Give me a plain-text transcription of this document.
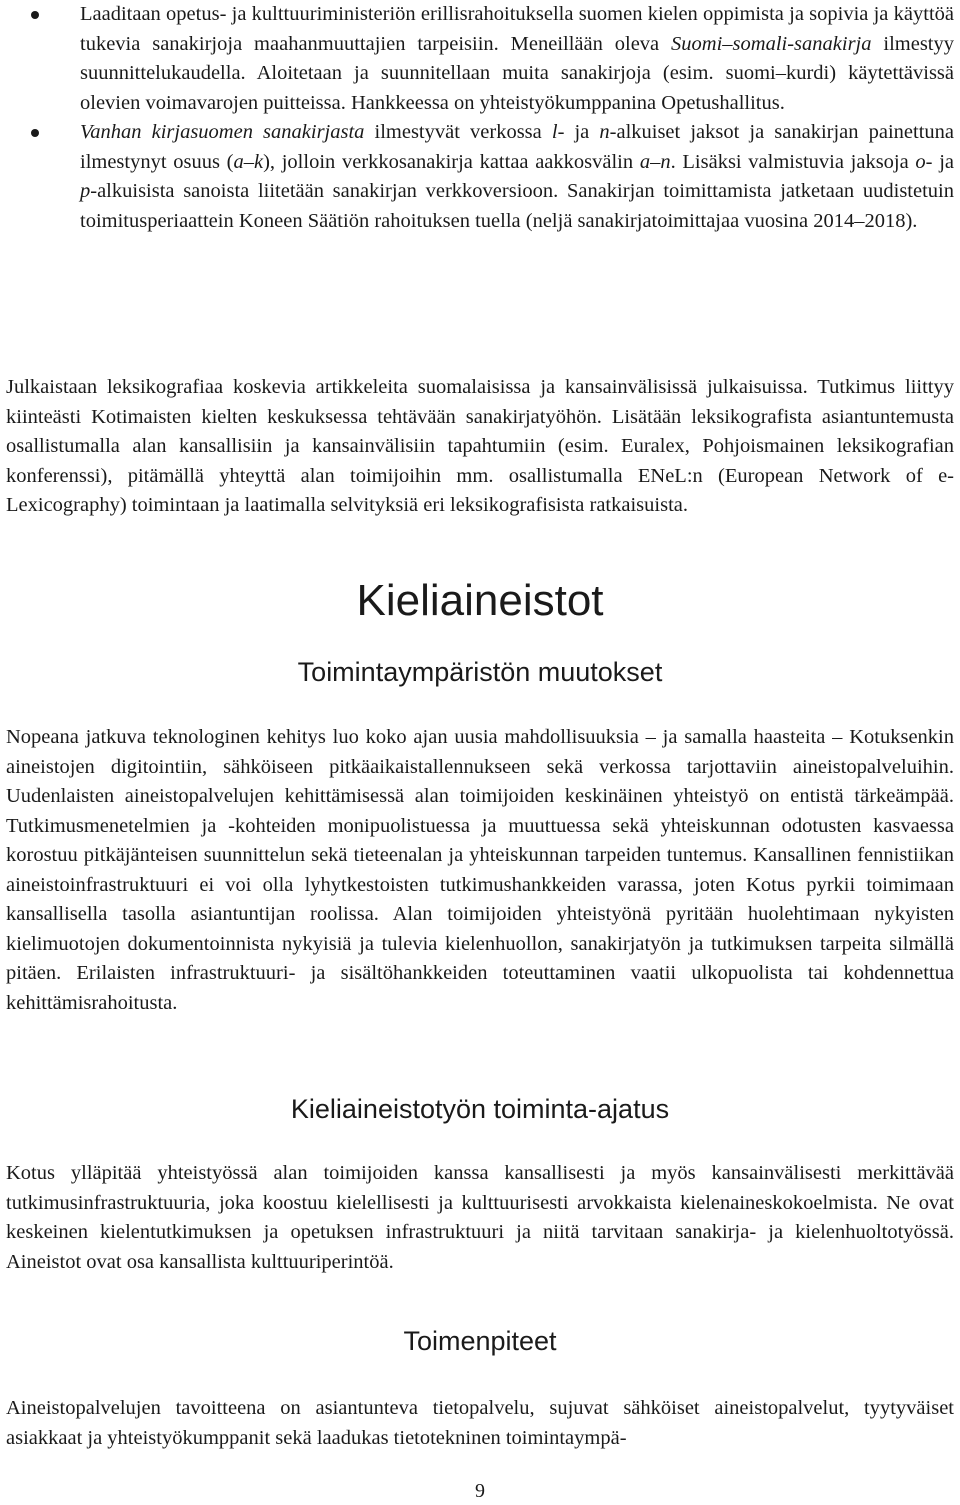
Laaditaan opetus- ja kulttuuriministeriön erillisrahoituksella suomen kielen oppimista ja sopivia ja käyttöä tukevia sanakirjoja maahanmuuttajien tarpeisiin. Meneillään oleva Suomi–somali-sanakirja ilmestyy suunnittelukaudella. Aloitetaan ja suunnitellaan muita sanakirjoja (esim. suomi–kurdi) käytettävissä olevien voimavarojen puitteissa. Hankkeessa on yhteistyökumppanina Opetushallitus.
Vanhan kirjasuomen sanakirjasta ilmestyvät verkossa l- ja n-alkuiset jaksot ja sanakirjan painettuna ilmestynyt osuus (a–k), jolloin verkkosanakirja kattaa aakkosvälin a–n. Lisäksi valmistuvia jaksoja o- ja p-alkuisista sanoista liitetään sanakirjan verkkoversioon. Sanakirjan toimittamista jatketaan uudistetuin toimitusperiaattein Koneen Säätiön rahoituksen tuella (neljä sanakirjatoimittajaa vuosina 2014–2018).

Julkaistaan leksikografiaa koskevia artikkeleita suomalaisissa ja kansainvälisissä julkaisuissa. Tutkimus liittyy kiinteästi Kotimaisten kielten keskuksessa tehtävään sanakirjatyöhön. Lisätään leksikografista asiantuntemusta osallistumalla alan kansallisiin ja kansainvälisiin tapahtumiin (esim. Euralex, Pohjoismainen leksikografian konferenssi), pitämällä yhteyttä alan toimijoihin mm. osallistumalla ENeL:n (European Network of e-Lexicography) toimintaan ja laatimalla selvityksiä eri leksikografisista ratkaisuista.

Kieliaineistot
Toimintaympäristön muutokset

Nopeana jatkuva teknologinen kehitys luo koko ajan uusia mahdollisuuksia – ja samalla haasteita – Kotuksenkin aineistojen digitointiin, sähköiseen pitkäaikaistallennukseen sekä verkossa tarjottaviin aineistopalveluihin. Uudenlaisten aineistopalvelujen kehittämisessä alan toimijoiden keskinäinen yhteistyö on entistä tärkeämpää. Tutkimusmenetelmien ja -kohteiden monipuolistuessa ja muuttuessa sekä yhteiskunnan odotusten kasvaessa korostuu pitkäjänteisen suunnittelun sekä tieteenalan ja yhteiskunnan tarpeiden tuntemus. Kansallinen fennistiikan aineistoinfrastruktuuri ei voi olla lyhytkestoisten tutkimushankkeiden varassa, joten Kotus pyrkii toimimaan kansallisella tasolla asiantuntijan roolissa. Alan toimijoiden yhteistyönä pyritään huolehtimaan nykyisten kielimuotojen dokumentoinnista nykyisiä ja tulevia kielenhuollon, sanakirjatyön ja tutkimuksen tarpeita silmällä pitäen. Erilaisten infrastruktuuri- ja sisältöhankkeiden toteuttaminen vaatii ulkopuolista tai kohdennettua kehittämisrahoitusta.

Kieliaineistotyön toiminta-ajatus

Kotus ylläpitää yhteistyössä alan toimijoiden kanssa kansallisesti ja myös kansainvälisesti merkittävää tutkimusinfrastruktuuria, joka koostuu kielellisesti ja kulttuurisesti arvokkaista kielenaineskokoelmista. Ne ovat keskeinen kielentutkimuksen ja opetuksen infrastruktuuri ja niitä tarvitaan sanakirja- ja kielenhuoltotyössä. Aineistot ovat osa kansallista kulttuuriperintöä.

Toimenpiteet

Aineistopalvelujen tavoitteena on asiantunteva tietopalvelu, sujuvat sähköiset aineistopalvelut, tyytyväiset asiakkaat ja yhteistyökumppanit sekä laadukas tietotekninen toimintaympä-

9
